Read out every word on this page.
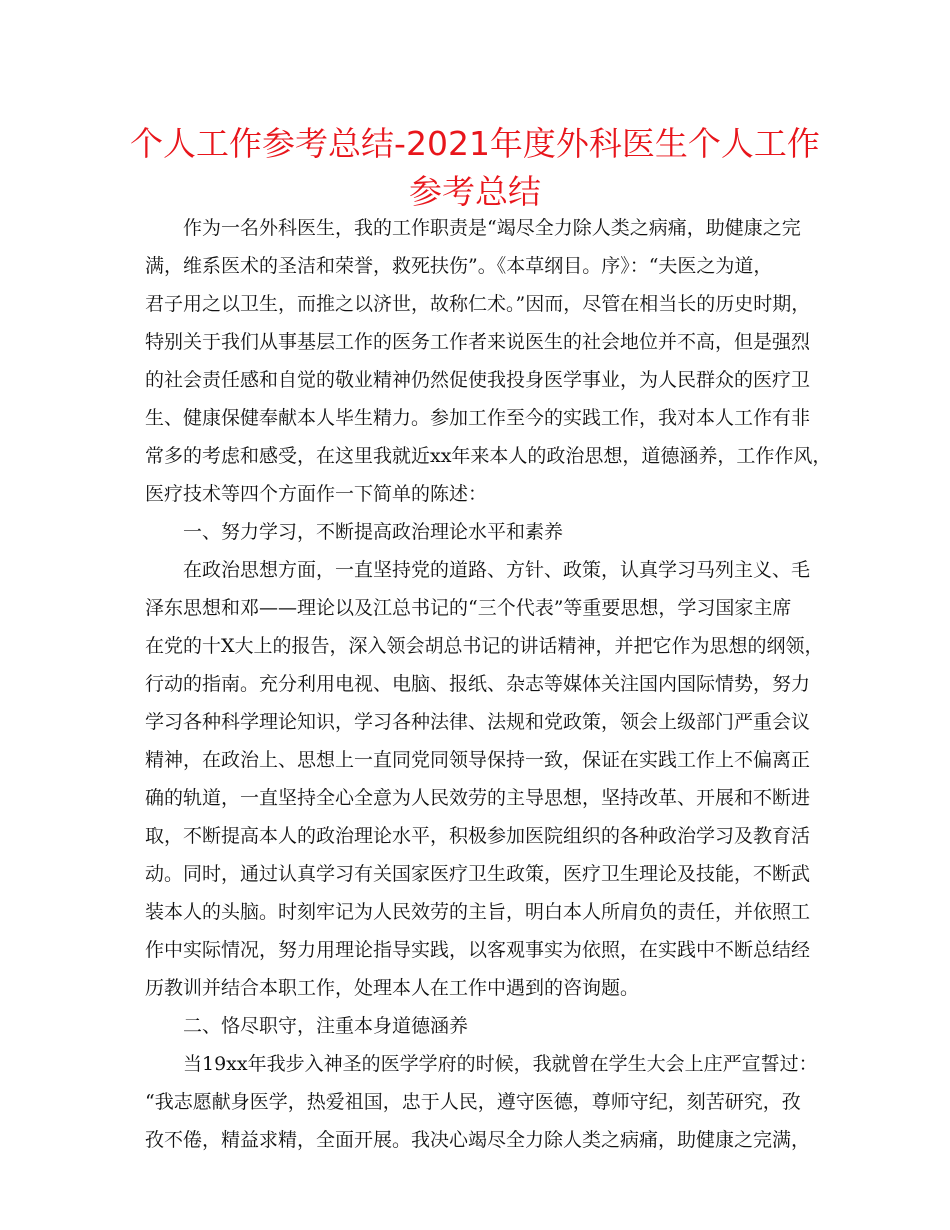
个人工作参考总结-2021年度外科医生个人工作
参考总结
作为一名外科医生，我的工作职责是“竭尽全力除人类之病痛，助健康之完
满，维系医术的圣洁和荣誉，救死扶伤”。《本草纲目。序》：“夫医之为道，
君子用之以卫生，而推之以济世，故称仁术。”因而，尽管在相当长的历史时期，
特别关于我们从事基层工作的医务工作者来说医生的社会地位并不高，但是强烈
的社会责任感和自觉的敬业精神仍然促使我投身医学事业，为人民群众的医疗卫
生、健康保健奉献本人毕生精力。参加工作至今的实践工作，我对本人工作有非
常多的考虑和感受，在这里我就近xx年来本人的政治思想，道德涵养，工作作风，
医疗技术等四个方面作一下简单的陈述：
一、努力学习，不断提高政治理论水平和素养
在政治思想方面，一直坚持党的道路、方针、政策，认真学习马列主义、毛
泽东思想和邓——理论以及江总书记的“三个代表”等重要思想，学习国家主席
在党的十X大上的报告，深入领会胡总书记的讲话精神，并把它作为思想的纲领，
行动的指南。充分利用电视、电脑、报纸、杂志等媒体关注国内国际情势，努力
学习各种科学理论知识，学习各种法律、法规和党政策，领会上级部门严重会议
精神，在政治上、思想上一直同党同领导保持一致，保证在实践工作上不偏离正
确的轨道，一直坚持全心全意为人民效劳的主导思想，坚持改革、开展和不断进
取，不断提高本人的政治理论水平，积极参加医院组织的各种政治学习及教育活
动。同时，通过认真学习有关国家医疗卫生政策，医疗卫生理论及技能，不断武
装本人的头脑。时刻牢记为人民效劳的主旨，明白本人所肩负的责任，并依照工
作中实际情况，努力用理论指导实践，以客观事实为依照，在实践中不断总结经
历教训并结合本职工作，处理本人在工作中遇到的咨询题。
二、恪尽职守，注重本身道德涵养
当19xx年我步入神圣的医学学府的时候，我就曾在学生大会上庄严宣誓过：
“我志愿献身医学，热爱祖国，忠于人民，遵守医德，尊师守纪，刻苦研究，孜
孜不倦，精益求精，全面开展。我决心竭尽全力除人类之病痛，助健康之完满，
